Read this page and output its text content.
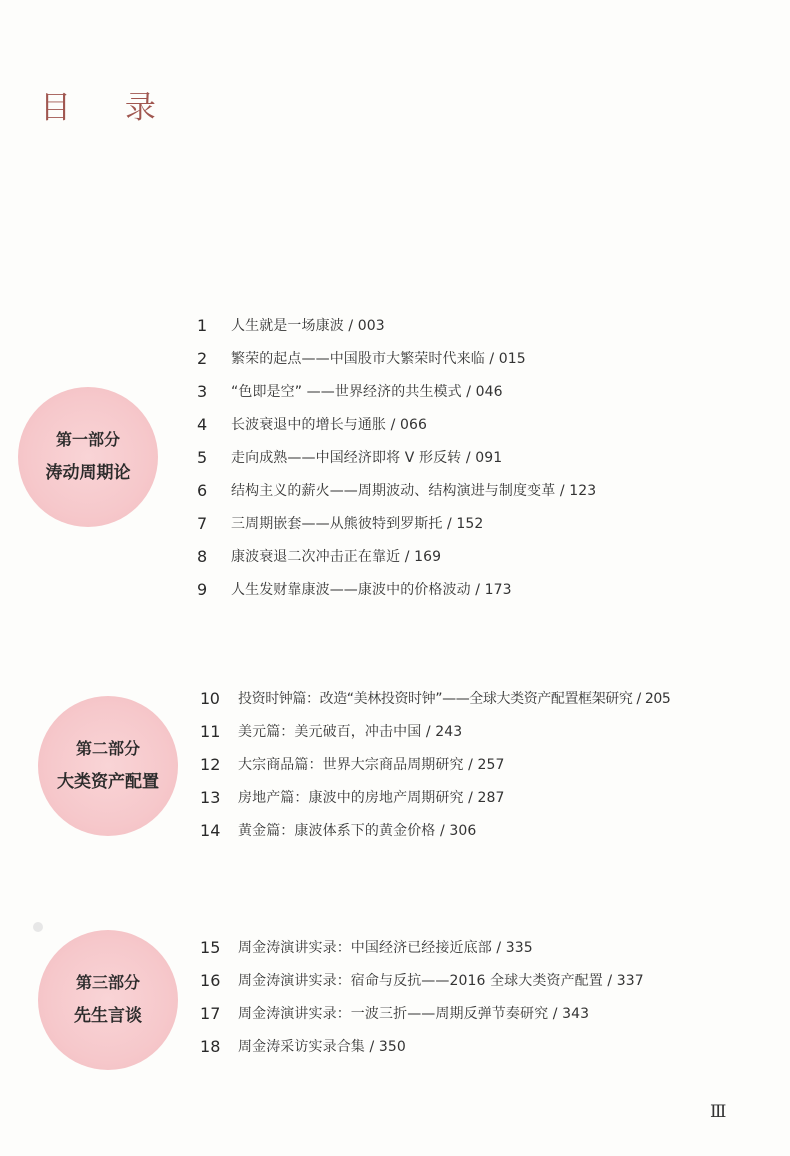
目 录
第一部分
涛动周期论
第二部分
大类资产配置
第三部分
先生言谈
1	人生就是一场康波 / 003
2	繁荣的起点——中国股市大繁荣时代来临 / 015
3	“色即是空” ——世界经济的共生模式 / 046
4	长波衰退中的增长与通胀 / 066
5	走向成熟——中国经济即将 V 形反转 / 091
6	结构主义的薪火——周期波动、结构演进与制度变革 / 123
7	三周期嵌套——从熊彼特到罗斯托 / 152
8	康波衰退二次冲击正在靠近 / 169
9	人生发财靠康波——康波中的价格波动 / 173
10	投资时钟篇：改造“美林投资时钟”——全球大类资产配置框架研究 / 205
11	美元篇：美元破百，冲击中国 / 243
12	大宗商品篇：世界大宗商品周期研究 / 257
13	房地产篇：康波中的房地产周期研究 / 287
14	黄金篇：康波体系下的黄金价格 / 306
15	周金涛演讲实录：中国经济已经接近底部 / 335
16	周金涛演讲实录：宿命与反抗——2016 全球大类资产配置 / 337
17	周金涛演讲实录：一波三折——周期反弹节奏研究 / 343
18	周金涛采访实录合集 / 350
Ⅲ
